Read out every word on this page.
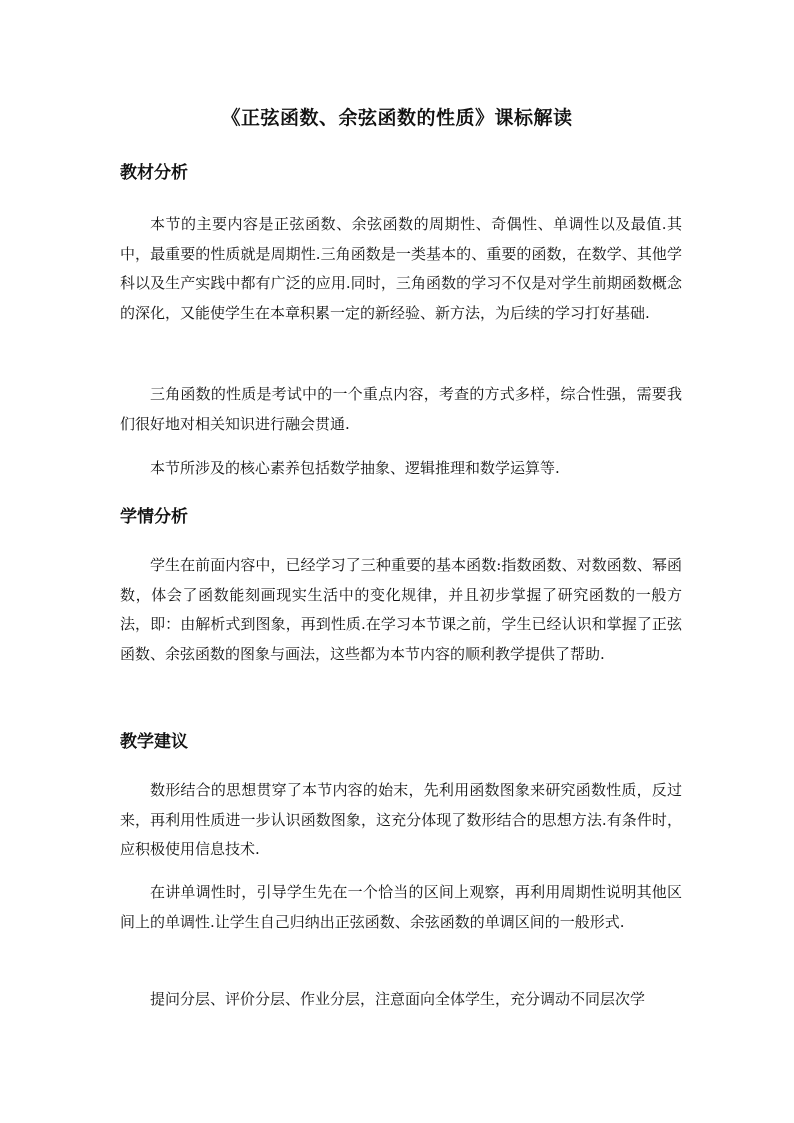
《正弦函数、余弦函数的性质》课标解读
教材分析

本节的主要内容是正弦函数、余弦函数的周期性、奇偶性、单调性以及最值.其中，最重要的性质就是周期性.三角函数是一类基本的、重要的函数，在数学、其他学科以及生产实践中都有广泛的应用.同时，三角函数的学习不仅是对学生前期函数概念的深化，又能使学生在本章积累一定的新经验、新方法，为后续的学习打好基础.

三角函数的性质是考试中的一个重点内容，考查的方式多样，综合性强，需要我们很好地对相关知识进行融会贯通.

本节所涉及的核心素养包括数学抽象、逻辑推理和数学运算等.

学情分析

学生在前面内容中，已经学习了三种重要的基本函数:指数函数、对数函数、幂函数，体会了函数能刻画现实生活中的变化规律，并且初步掌握了研究函数的一般方法，即：由解析式到图象，再到性质.在学习本节课之前，学生已经认识和掌握了正弦函数、余弦函数的图象与画法，这些都为本节内容的顺利教学提供了帮助.

教学建议

数形结合的思想贯穿了本节内容的始末，先利用函数图象来研究函数性质，反过来，再利用性质进一步认识函数图象，这充分体现了数形结合的思想方法.有条件时，应积极使用信息技术.

在讲单调性时，引导学生先在一个恰当的区间上观察，再利用周期性说明其他区间上的单调性.让学生自己归纳出正弦函数、余弦函数的单调区间的一般形式.

提问分层、评价分层、作业分层，注意面向全体学生，充分调动不同层次学
